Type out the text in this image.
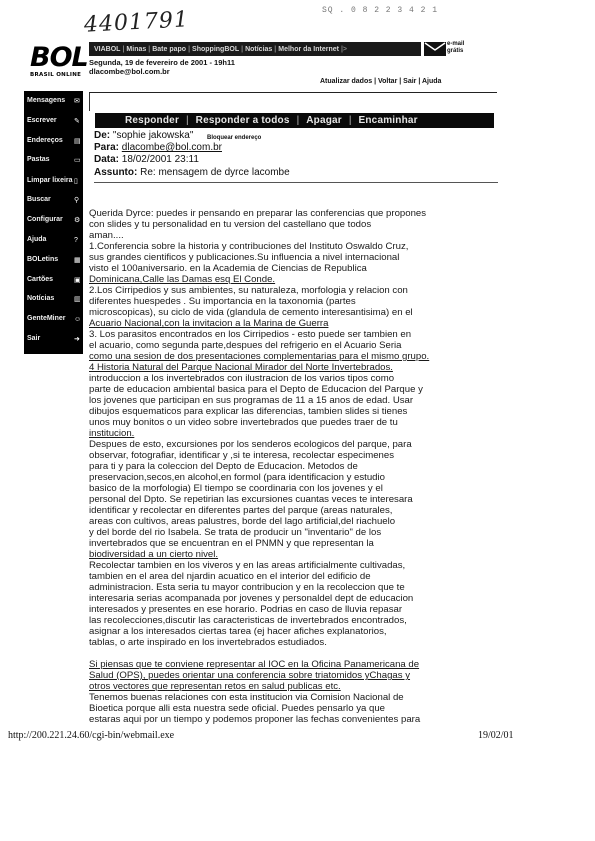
4401791	SQ . 0 8 2 2 3 4 2 1
BOL
BRASIL ONLINE
VIABOL | Minas | Bate papo | ShoppingBOL | Notícias | Melhor da Internet |>
e-mail
grátis
Segunda, 19 de fevereiro de 2001 - 19h11
dlacombe@bol.com.br
Atualizar dados | Voltar | Sair | Ajuda
Mensagens
Escrever
Endereços
Pastas
Limpar lixeira
Buscar
Configurar
Ajuda
BOLetins
Cartões
Notícias
GenteMiner
Sair
✉
✎
▤
▭
▯
⚲
⚙
?
▦
▣
▥
☺
➜
Responder | Responder a todos | Apagar | Encaminhar
De: "sophie jakowska" Bloquear endereço
Para: dlacombe@bol.com.br
Data: 18/02/2001 23:11
Assunto: Re: mensagem de dyrce lacombe
Querida Dyrce: puedes ir pensando en preparar las conferencias que propones
con slides y tu personalidad en tu version del castellano que todos
aman....
1.Conferencia sobre la historia y contribuciones del Instituto Oswaldo Cruz,
sus grandes cientificos y publicaciones.Su influencia a nivel internacional
visto el 100aniversario. en la Academia de Ciencias de Republica
Dominicana,Calle las Damas esq El Conde.
2.Los Cirripedios y sus ambientes, su naturaleza, morfologia y relacion con
diferentes huespedes . Su importancia en la taxonomia (partes
microscopicas), su ciclo de vida (glandula de cemento interesantisima) en el
Acuario Nacional,con la invitacion a la Marina de Guerra
3. Los parasitos encontrados en los Cirripedios - esto puede ser tambien en
el acuario, como segunda parte,despues del refrigerio en el Acuario Seria
como una sesion de dos presentaciones complementarias para el mismo grupo.
4 Historia Natural del Parque Nacional Mirador del Norte Invertebrados.
introduccion a los invertebrados con ilustracion de los varios tipos como
parte de educacion ambiental basica para el Depto de Educacion del Parque y
los jovenes que participan en sus programas de 11 a 15 anos de edad. Usar
dibujos esquematicos para explicar las diferencias, tambien slides si tienes
unos muy bonitos o un video sobre invertebrados que puedes traer de tu
institucion.
Despues de esto, excursiones por los senderos ecologicos del parque, para
observar, fotografiar, identificar y ,si te interesa, recolectar especimenes
para ti y para la coleccion del Depto de Educacion. Metodos de
preservacion,secos,en alcohol,en formol (para identificacion y estudio
basico de la morfologia) El tiempo se coordinaria con los jovenes y el
personal del Dpto. Se repetirian las excursiones cuantas veces te interesara
identificar y recolectar en diferentes partes del parque (areas naturales,
areas con cultivos, areas palustres, borde del lago artificial,del riachuelo
y del borde del rio Isabela. Se trata de producir un "inventario" de los
invertebrados que se encuentran en el PNMN y que representan la
biodiversidad a un cierto nivel.
Recolectar tambien en los viveros y en las areas artificialmente cultivadas,
tambien en el area del njardin acuatico en el interior del edificio de
administracion. Esta seria tu mayor contribucion y en la recoleccion que te
interesaria serias acompanada por jovenes y personaldel dept de educacion
interesados y presentes en ese horario. Podrias en caso de lluvia repasar
las recolecciones,discutir las caracteristicas de invertebrados encontrados,
asignar a los interesados ciertas tarea (ej hacer afiches explanatorios,
tablas, o arte inspirado en los invertebrados estudiados.
Si piensas que te conviene representar al IOC en la Oficina Panamericana de
Salud (OPS), puedes orientar una conferencia sobre triatomidos yChagas y
otros vectores que representan retos en salud publicas etc.
Tenemos buenas relaciones con esta institucion via Comision Nacional de
Bioetica porque alli esta nuestra sede oficial. Puedes pensarlo ya que
estaras aqui por un tiempo y podemos proponer las fechas convenientes para
http://200.221.24.60/cgi-bin/webmail.exe	19/02/01
